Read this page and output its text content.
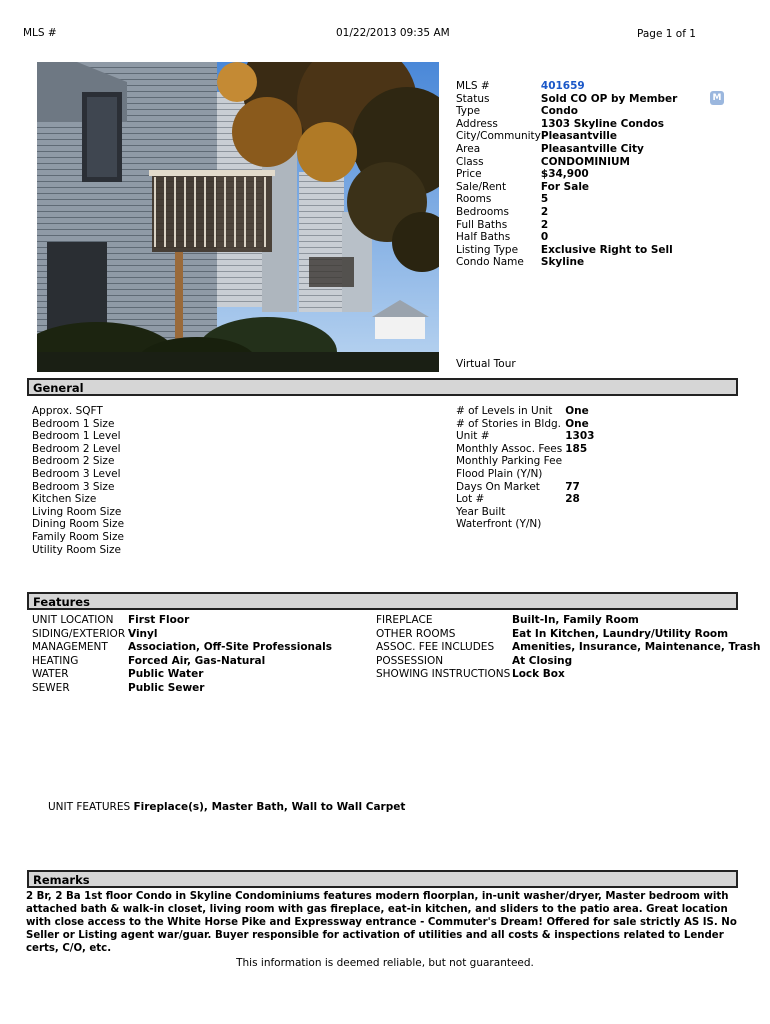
MLS #	01/22/2013 09:35 AM	Page 1 of 1
MLS #	401659
Status	Sold CO OP by Member
Type	Condo
Address	1303 Skyline Condos
City/Community	Pleasantville
Area	Pleasantville City
Class	CONDOMINIUM
Price	$34,900
Sale/Rent	For Sale
Rooms	5
Bedrooms	2
Full Baths	2
Half Baths	0
Listing Type	Exclusive Right to Sell
Condo Name	Skyline
M
Virtual Tour
General
Approx. SQFT
Bedroom 1 Size
Bedroom 1 Level
Bedroom 2 Level
Bedroom 2 Size
Bedroom 3 Level
Bedroom 3 Size
Kitchen Size
Living Room Size
Dining Room Size
Family Room Size
Utility Room Size
# of Levels in Unit	One
# of Stories in Bldg.	One
Unit #	1303
Monthly Assoc. Fees	185
Monthly Parking Fee	
Flood Plain (Y/N)	
Days On Market	77
Lot #	28
Year Built	
Waterfront (Y/N)	
Features
UNIT LOCATION	First Floor
SIDING/EXTERIOR	Vinyl
MANAGEMENT	Association, Off-Site Professionals
HEATING	Forced Air, Gas-Natural
WATER	Public Water
SEWER	Public Sewer
FIREPLACE	Built-In, Family Room
OTHER ROOMS	Eat In Kitchen, Laundry/Utility Room
ASSOC. FEE INCLUDES	Amenities, Insurance, Maintenance, Trash
POSSESSION	At Closing
SHOWING INSTRUCTIONS	Lock Box
UNIT FEATURES Fireplace(s), Master Bath, Wall to Wall Carpet
Remarks
2 Br, 2 Ba 1st floor Condo in Skyline Condominiums features modern floorplan, in-unit washer/dryer, Master bedroom with attached bath & walk-in closet, living room with gas fireplace, eat-in kitchen, and sliders to the patio area. Great location with close access to the White Horse Pike and Expressway entrance - Commuter's Dream! Offered for sale strictly AS IS. No Seller or Listing agent war/guar. Buyer responsible for activation of utilities and all costs & inspections related to Lender certs, C/O, etc.
This information is deemed reliable, but not guaranteed.
